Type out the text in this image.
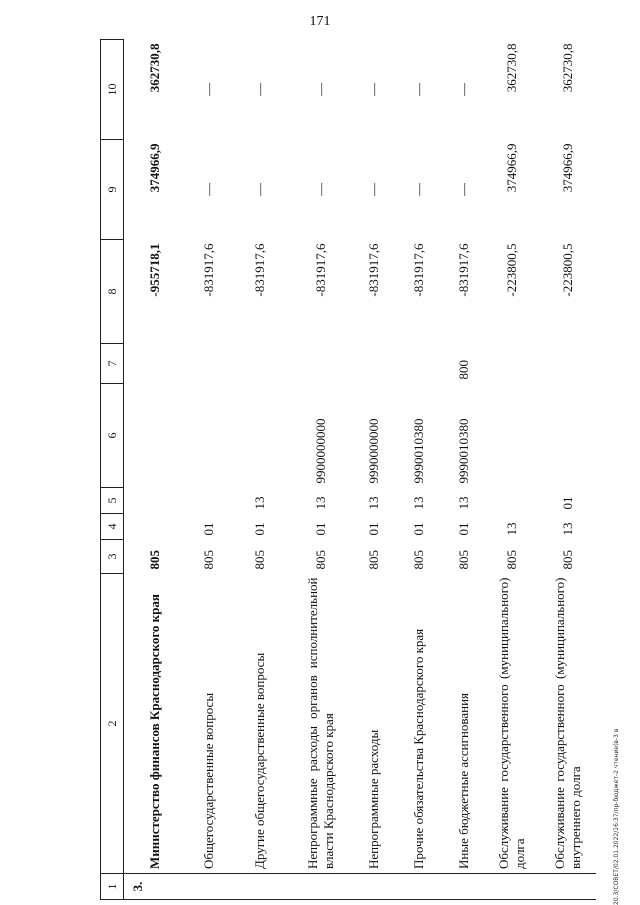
171
1	2	3	4	5	6	7	8	9	10
3.	Министерство финансов Краснодарского края	805					-955718,1	374966,9	362730,8
	Общегосударственные вопросы	805	01				-831917,6	—	—
	Другие общегосударственные вопросы	805	01	13			-831917,6	—	—
	Непрограммные расходы органов исполнительной власти Краснодарского края	805	01	13	9900000000		-831917,6	—	—
	Непрограммные расходы	805	01	13	9990000000		-831917,6	—	—
	Прочие обязательства Краснодарского края	805	01	13	9990010380		-831917,6	—	—
	Иные бюджетные ассигнования	805	01	13	9990010380	800	-831917,6	—	—
	Обслуживание государственного (муниципального) долга	805	13				-223800,5	374966,9	362730,8
	Обслуживание государственного (муниципального) внутреннего долга	805	13	01			-223800,5	374966,9	362730,8
20.3/СОВЕТ/02.01.2022/16:37/пр-бюджет-2 чтение(в-3 в
